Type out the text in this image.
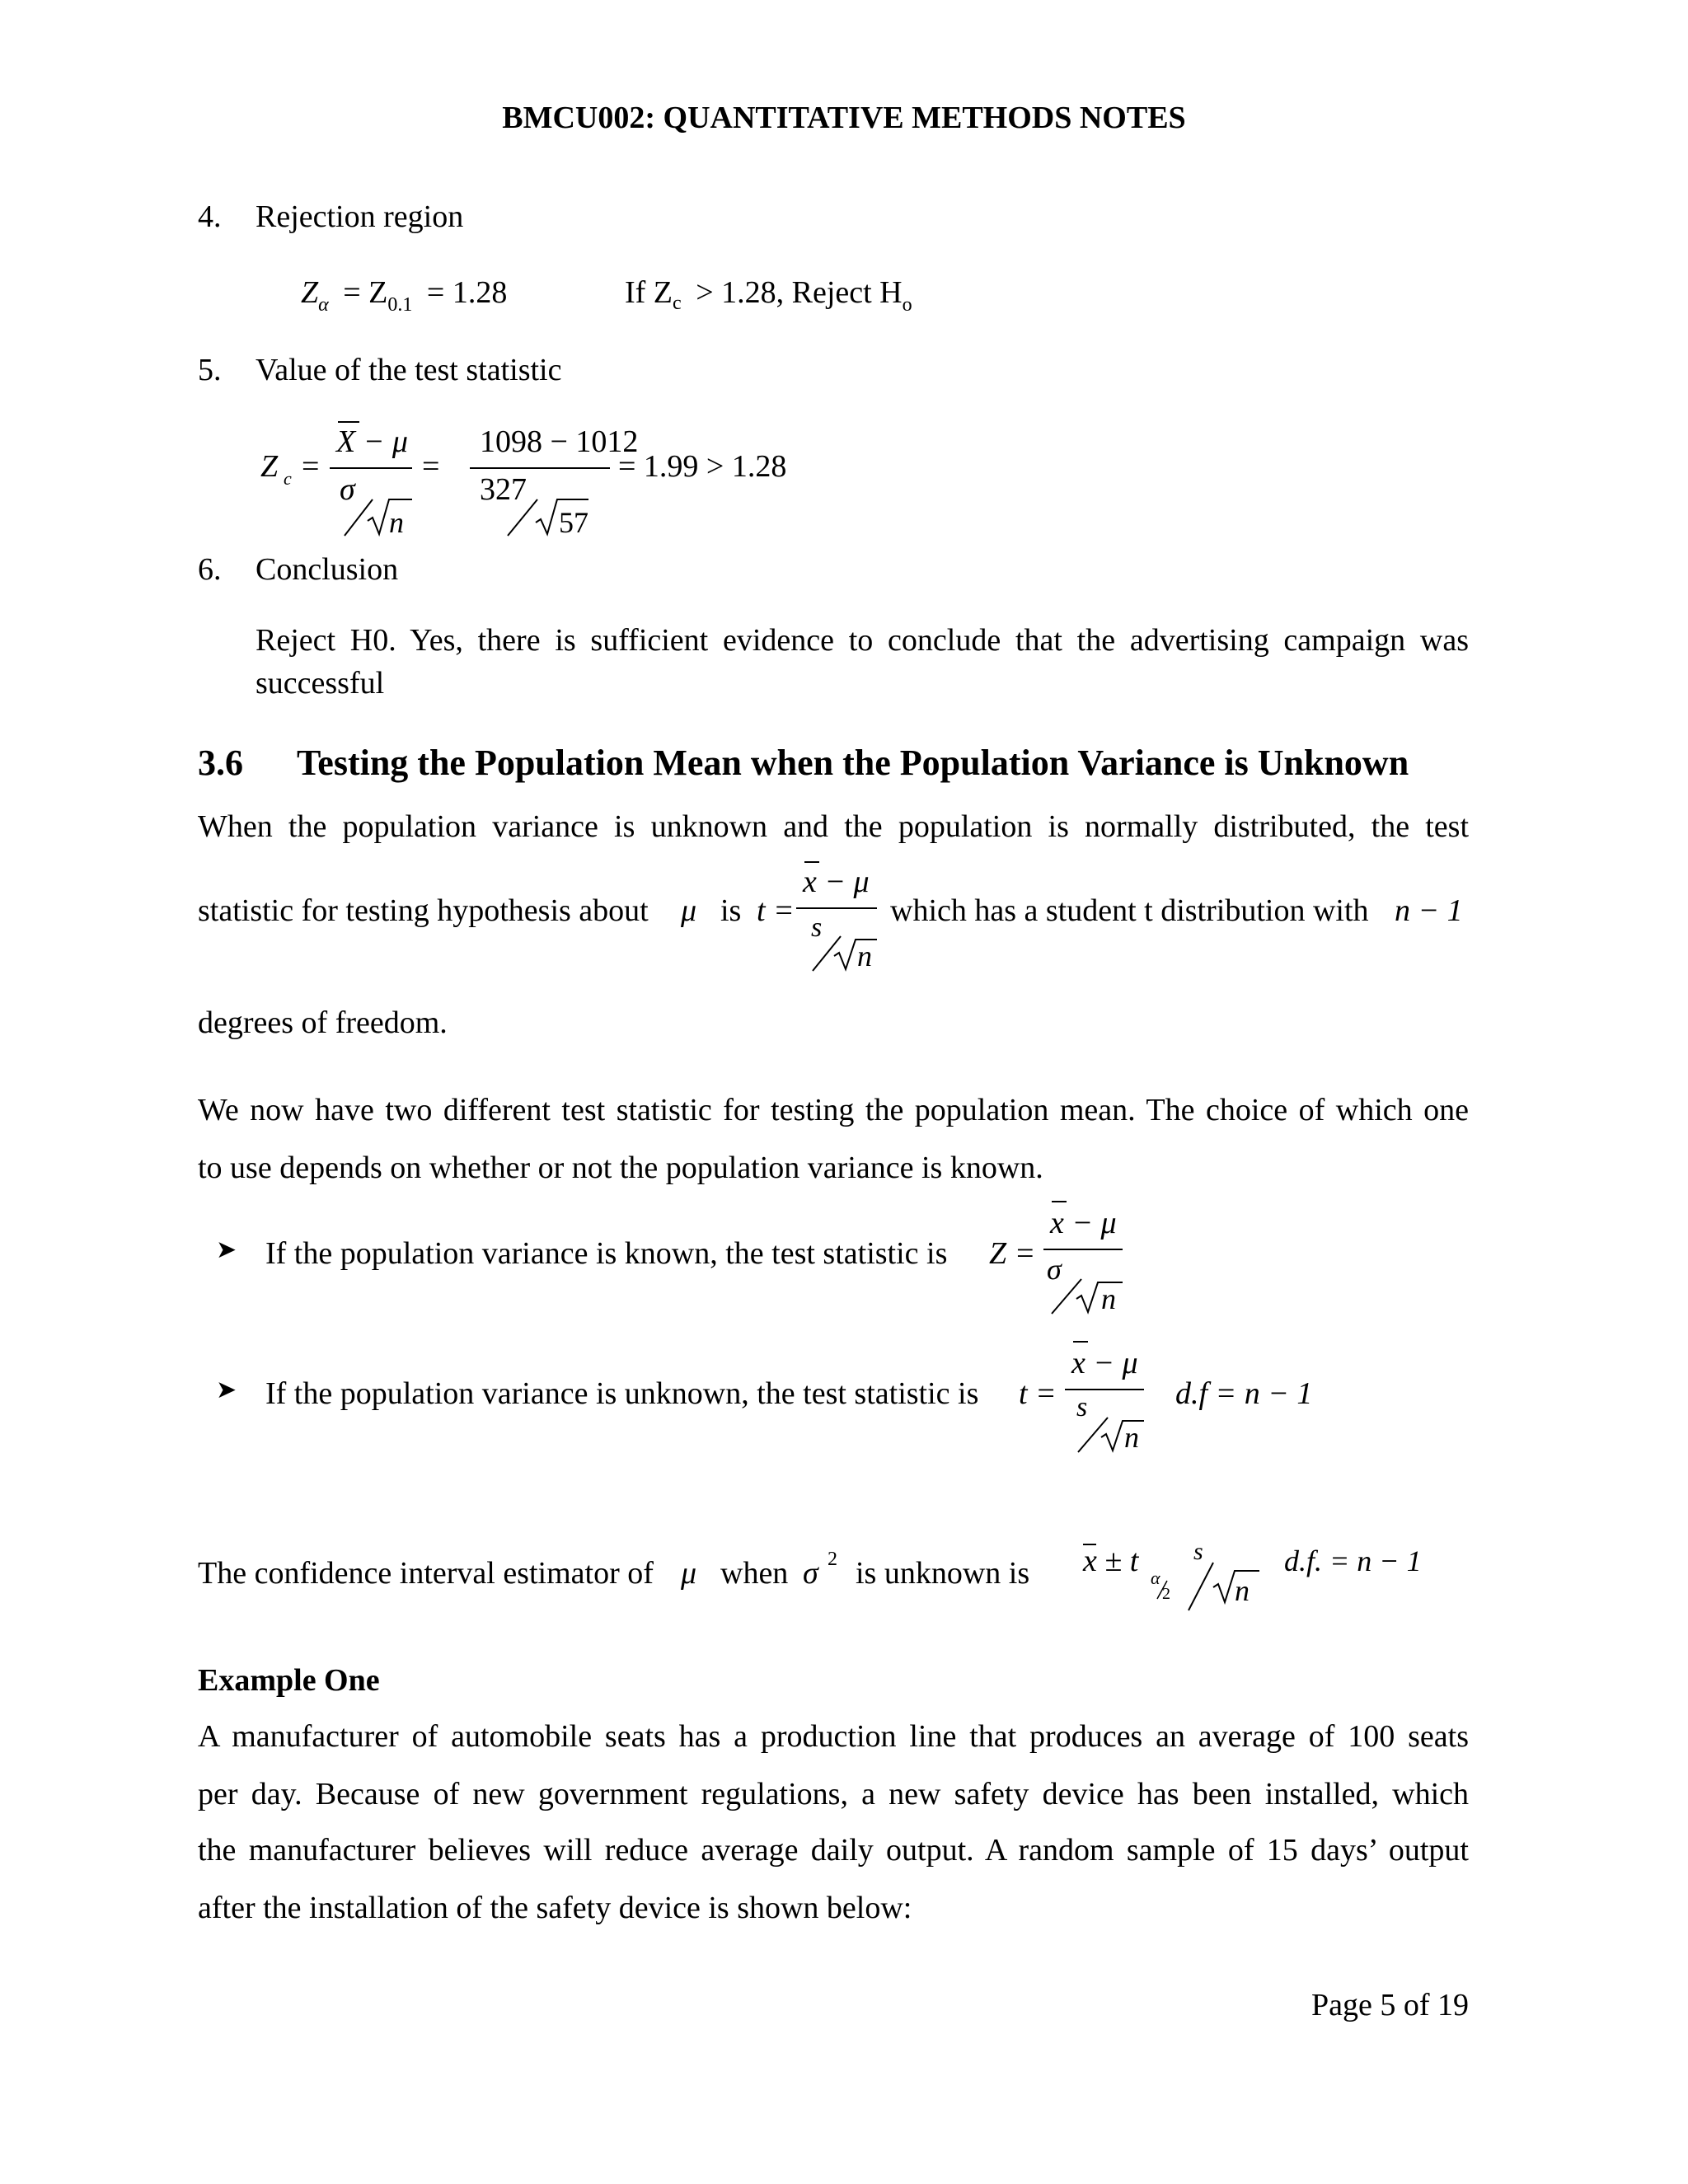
BMCU002: QUANTITATIVE METHODS NOTES
4. Rejection region
$Z_\alpha = Z_{0.1} = 1.28$	If $Z_c > 1.28$, Reject $H_o$
5. Value of the test statistic
Z c =
X − μ
σ
n
=
1098 − 1012
327
57
= 1.99 > 1.28
6. Conclusion
Reject H0. Yes, there is sufficient evidence to conclude that the advertising campaign was
successful
3.6 Testing the Population Mean when the Population Variance is Unknown
When the population variance is unknown and the population is normally distributed, the test
statistic for testing hypothesis about μ is t =
x − μ
s
n
which has a student t distribution with n − 1
degrees of freedom.
We now have two different test statistic for testing the population mean. The choice of which one
to use depends on whether or not the population variance is known.
➤ If the population variance is known, the test statistic is Z =
x − μ
σ
n
➤ If the population variance is unknown, the test statistic is t =
x − μ
s
n
d.f = n − 1
The confidence interval estimator of μ when σ 2 is unknown is x ± t α
2
s
n
d.f. = n − 1
Example One
A manufacturer of automobile seats has a production line that produces an average of 100 seats
per day. Because of new government regulations, a new safety device has been installed, which
the manufacturer believes will reduce average daily output. A random sample of 15 days’ output
after the installation of the safety device is shown below:
Page 5 of 19
